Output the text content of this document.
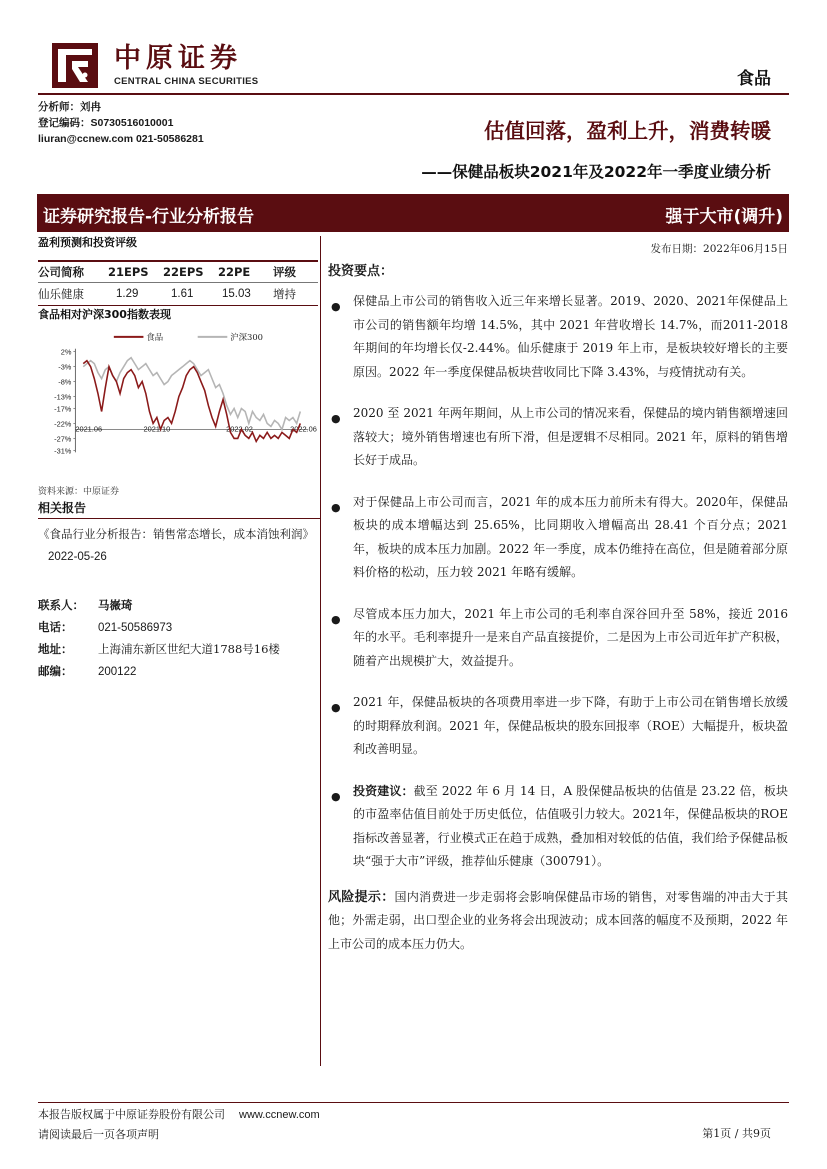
中原证券
CENTRAL CHINA SECURITIES	食品
分析师：刘冉
登记编码：S0730516010001
liuran@ccnew.com 021-50586281	估值回落，盈利上升，消费转暖
——保健品板块2021年及2022年一季度业绩分析
证券研究报告-行业分析报告	强于大市(调升)
盈利预测和投资评级
公司简称	21EPS	22EPS	22PE	评级
仙乐健康	1.29	1.61	15.03	增持
食品相对沪深300指数表现
2%
-3%
-8%
-13%
-17%
-22%
-27%
-31%
2021.06	2021.10	2022.02	2022.06
食品	沪深300
资料来源：中原证券
相关报告
《食品行业分析报告：销售常态增长，成本消蚀利润》 2022-05-26
联系人： 马嶶琦
电话： 021-50586973
地址： 上海浦东新区世纪大道1788号16楼
邮编： 200122
发布日期：2022年06月15日
投资要点：
● 保健品上市公司的销售收入近三年来增长显著。2019、2020、2021年保健品上市公司的销售额年均增 14.5%，其中 2021 年营收增长 14.7%，而2011-2018年期间的年均增长仅-2.44%。仙乐健康于 2019 年上市，是板块较好增长的主要原因。2022 年一季度保健品板块营收同比下降 3.43%，与疫情扰动有关。
● 2020 至 2021 年两年期间，从上市公司的情况来看，保健品的境内销售额增速回落较大；境外销售增速也有所下滑，但是逻辑不尽相同。2021 年，原料的销售增长好于成品。
● 对于保健品上市公司而言，2021 年的成本压力前所未有得大。2020年，保健品板块的成本增幅达到 25.65%，比同期收入增幅高出 28.41 个百分点；2021 年，板块的成本压力加剧。2022 年一季度，成本仍维持在高位，但是随着部分原料价格的松动，压力较 2021 年略有缓解。
● 尽管成本压力加大，2021 年上市公司的毛利率自深谷回升至 58%，接近 2016 年的水平。毛利率提升一是来自产品直接提价，二是因为上市公司近年扩产积极，随着产出规模扩大，效益提升。
● 2021 年，保健品板块的各项费用率进一步下降，有助于上市公司在销售增长放缓的时期释放利润。2021 年，保健品板块的股东回报率（ROE）大幅提升，板块盈利改善明显。
● 投资建议：截至 2022 年 6 月 14 日，A 股保健品板块的估值是 23.22 倍，板块的市盈率估值目前处于历史低位，估值吸引力较大。2021年，保健品板块的ROE指标改善显著，行业模式正在趋于成熟，叠加相对较低的估值，我们给予保健品板块“强于大市”评级，推荐仙乐健康（300791）。
风险提示：国内消费进一步走弱将会影响保健品市场的销售，对零售端的冲击大于其他；外需走弱，出口型企业的业务将会出现波动；成本回落的幅度不及预期，2022 年上市公司的成本压力仍大。
本报告版权属于中原证券股份有限公司 www.ccnew.com
请阅读最后一页各项声明	第1页 / 共9页
